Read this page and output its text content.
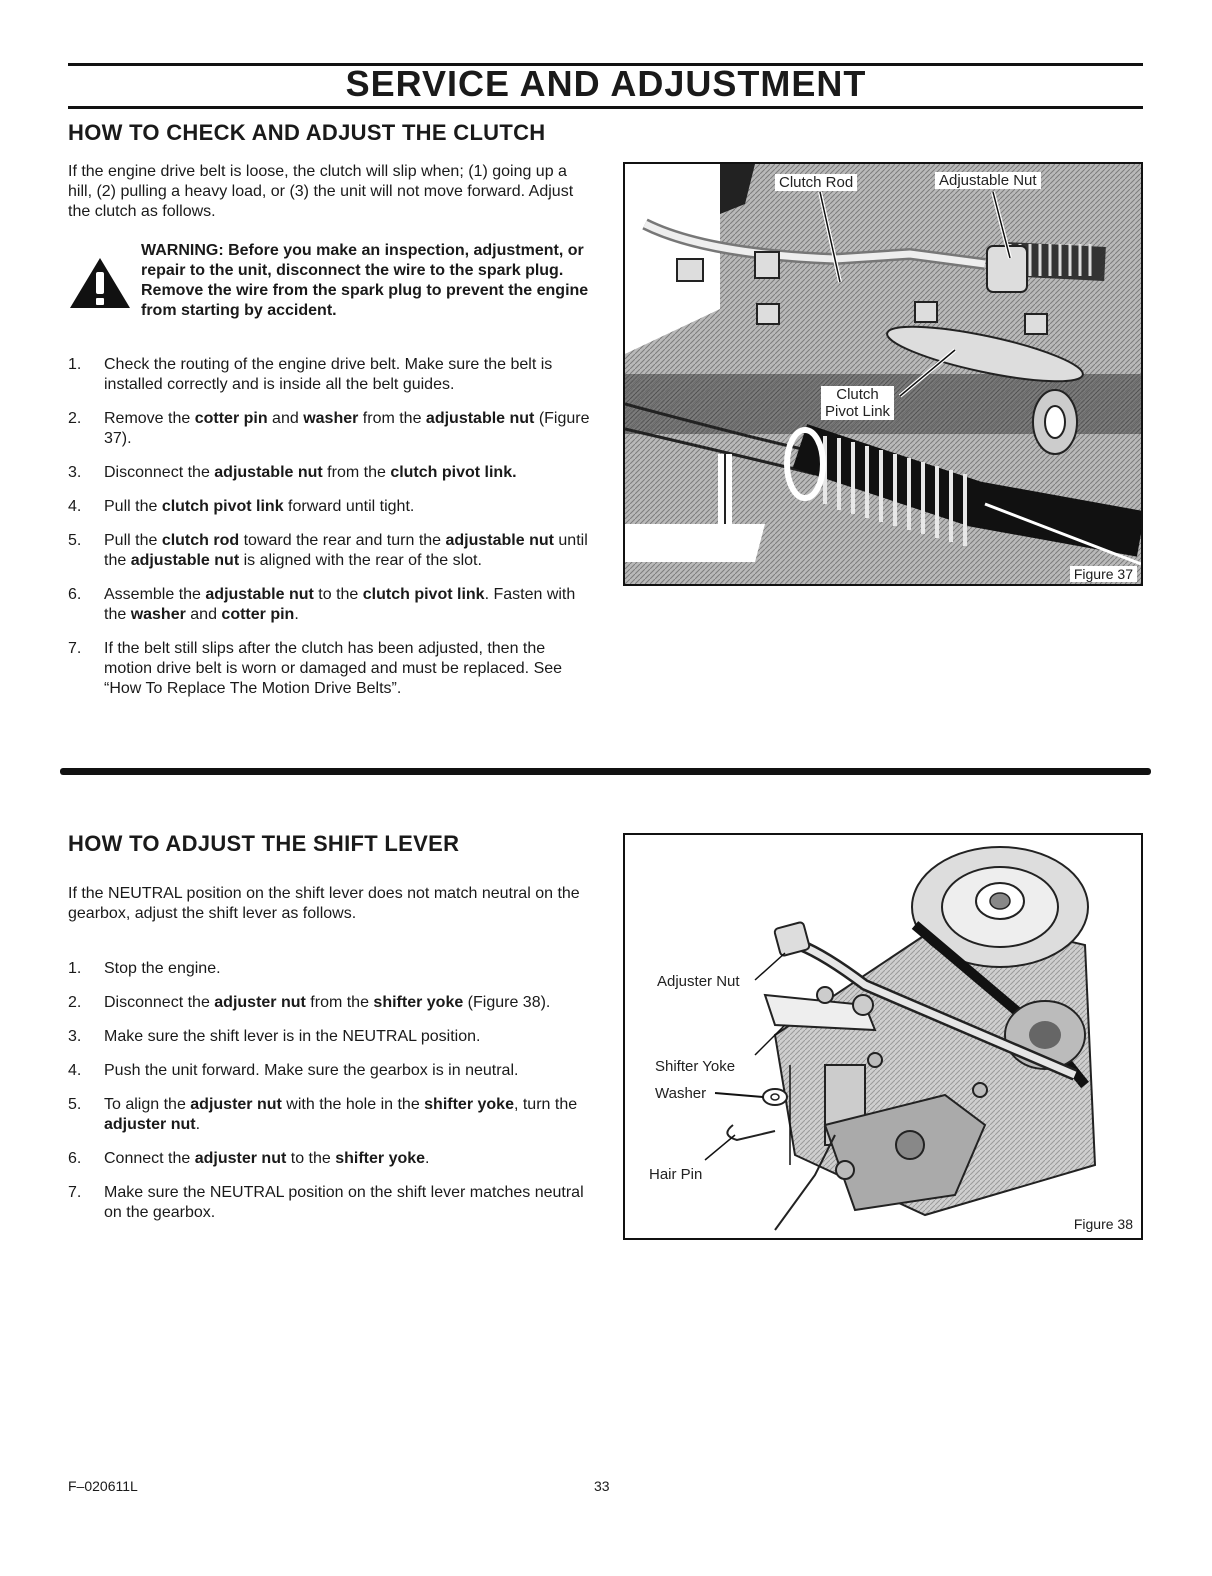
SERVICE AND ADJUSTMENT
HOW TO CHECK AND ADJUST THE CLUTCH
If the engine drive belt is loose, the clutch will slip when; (1) going up a hill, (2) pulling a heavy load, or (3) the unit will not move forward. Adjust the clutch as follows.
WARNING: Before you make an inspection, adjustment, or repair to the unit, disconnect the wire to the spark plug. Remove the wire from the spark plug to prevent the engine from starting by accident.
1. Check the routing of the engine drive belt. Make sure the belt is installed correctly and is inside all the belt guides.
2. Remove the cotter pin and washer from the adjustable nut (Figure 37).
3. Disconnect the adjustable nut from the clutch pivot link.
4. Pull the clutch pivot link forward until tight.
5. Pull the clutch rod toward the rear and turn the adjustable nut until the adjustable nut is aligned with the rear of the slot.
6. Assemble the adjustable nut to the clutch pivot link. Fasten with the washer and cotter pin.
7. If the belt still slips after the clutch has been adjusted, then the motion drive belt is worn or damaged and must be replaced. See “How To Replace The Motion Drive Belts”.
Clutch Rod	Adjustable Nut
Clutch
Pivot Link
Figure 37
HOW TO ADJUST THE SHIFT LEVER
If the NEUTRAL position on the shift lever does not match neutral on the gearbox, adjust the shift lever as follows.
1. Stop the engine.
2. Disconnect the adjuster nut from the shifter yoke (Figure 38).
3. Make sure the shift lever is in the NEUTRAL position.
4. Push the unit forward. Make sure the gearbox is in neutral.
5. To align the adjuster nut with the hole in the shifter yoke, turn the adjuster nut.
6. Connect the adjuster nut to the shifter yoke.
7. Make sure the NEUTRAL position on the shift lever matches neutral on the gearbox.
Adjuster Nut
Shifter Yoke
Washer
Hair Pin
Figure 38
F–020611L	33
